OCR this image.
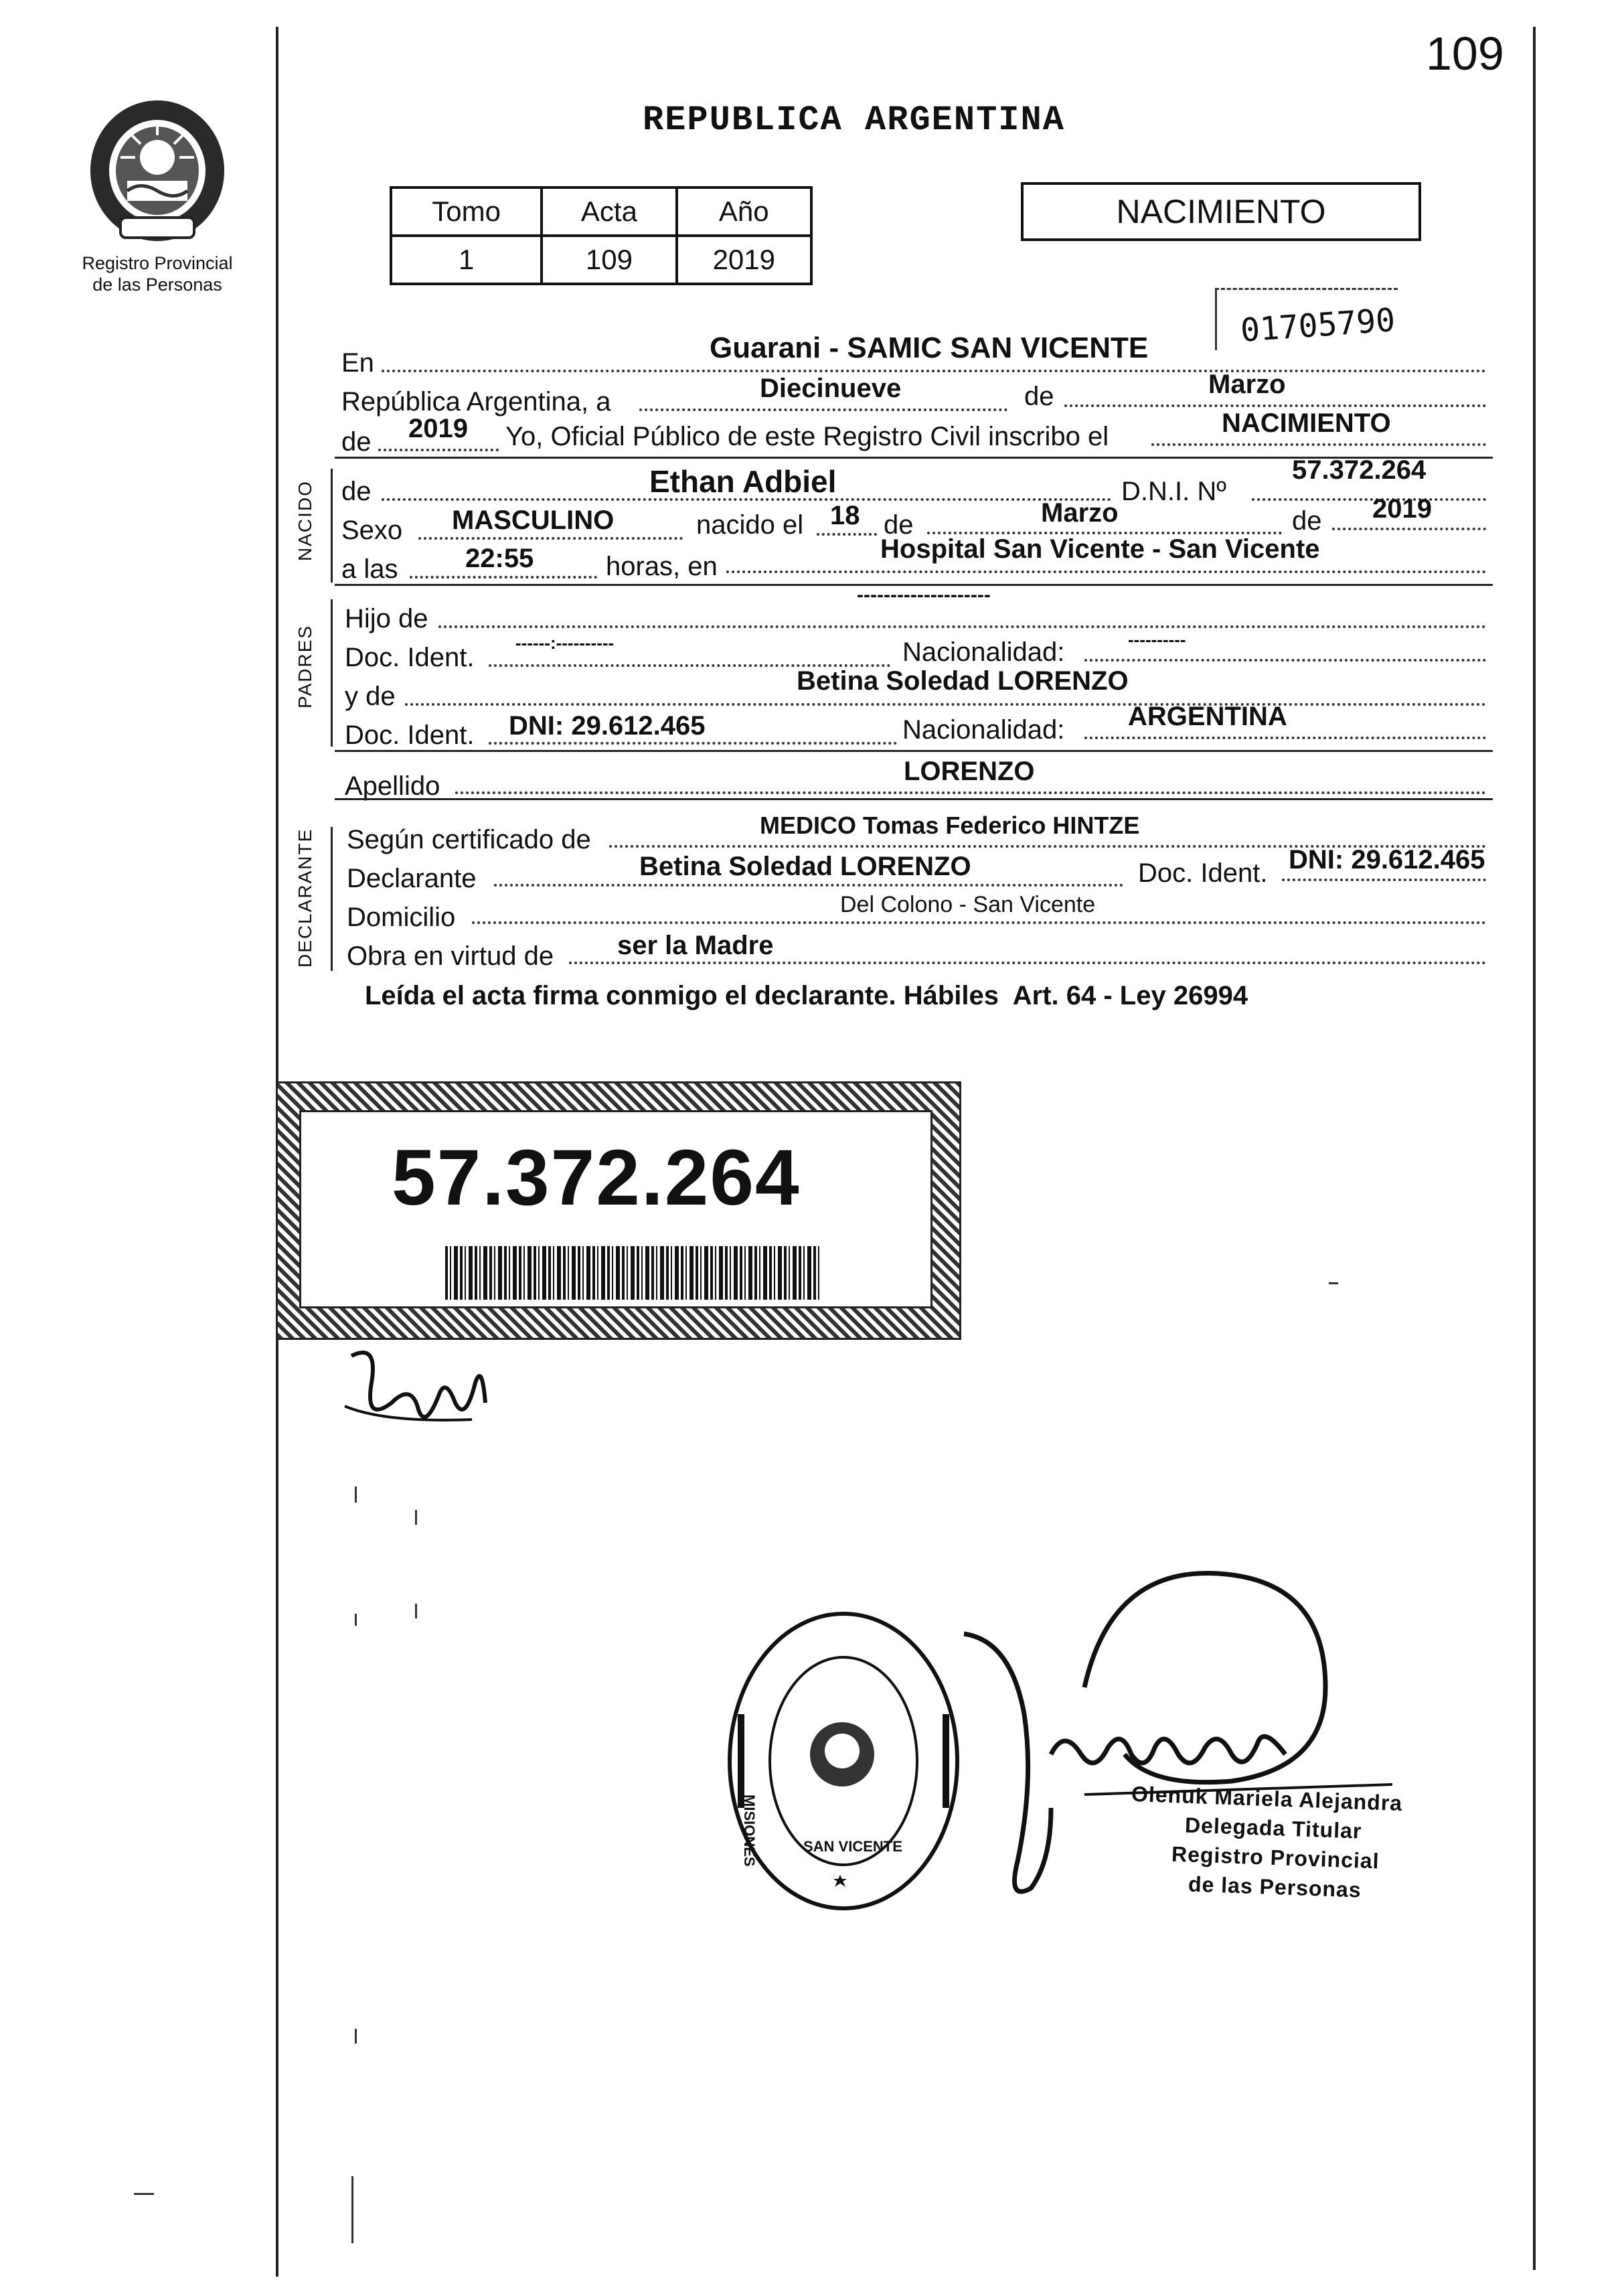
109
Registro Provincial
de las Personas
REPUBLICA ARGENTINA
Tomo	Acta	Año
1	109	2019
NACIMIENTO
01705790
En	Guarani - SAMIC SAN VICENTE
República Argentina, a	Diecinueve	de	Marzo
de 2019 Yo, Oficial Público de este Registro Civil inscribo el	NACIMIENTO
NACIDO de	Ethan Adbiel	D.N.I. Nº
57.372.264
Sexo MASCULINO	nacido el 18 de	Marzo	de 2019
a las	22:55	horas, en
Hospital San Vicente - San Vicente
PADRES
Hijo de
--------------------
Doc. Ident. ------:----------	Nacionalidad:	----------
y de
Betina Soledad LORENZO
Doc. Ident. DNI: 29.612.465	Nacionalidad: ARGENTINA
Apellido	LORENZO
DECLARANTE Según certificado de	MEDICO Tomas Federico HINTZE
Declarante	Betina Soledad LORENZO	Doc. Ident. DNI: 29.612.465
Domicilio	Del Colono - San Vicente
Obra en virtud de ser la Madre
Leída el acta firma conmigo el declarante. Hábiles  Art. 64 - Ley 26994
57.372.264
MISIONES	SAN VICENTE
Olenuk Mariela Alejandra
Delegada Titular
Registro Provincial
de las Personas
